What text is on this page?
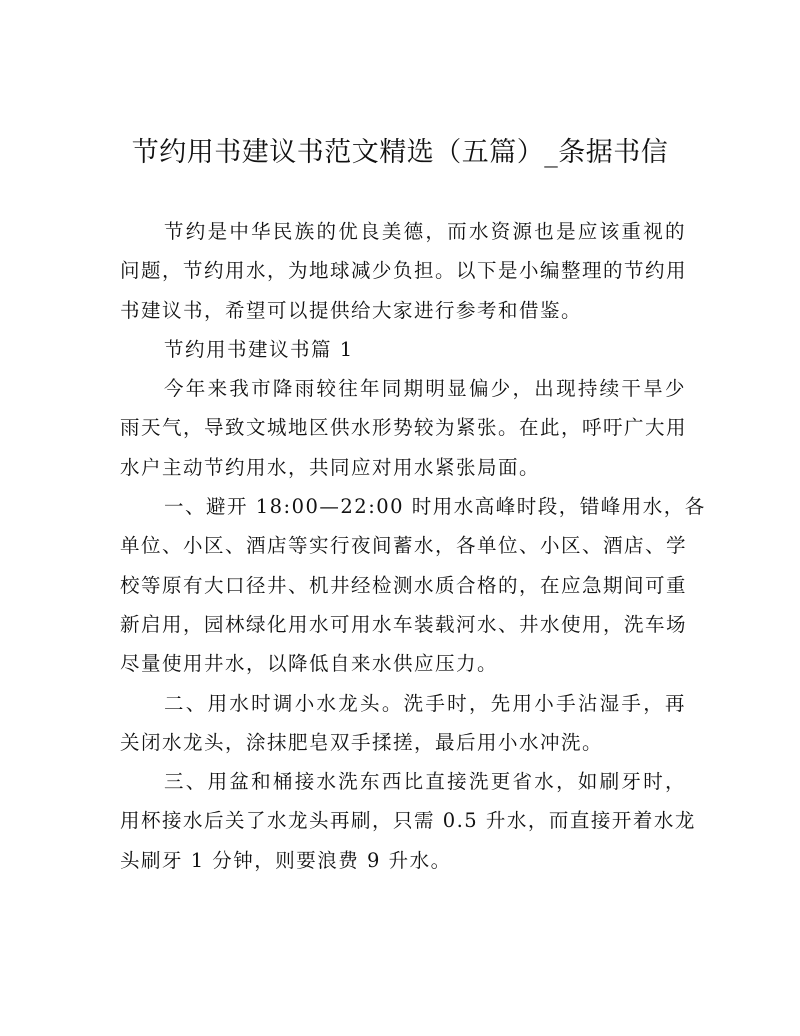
节约用书建议书范文精选（五篇）_条据书信
节约是中华民族的优良美德，而水资源也是应该重视的
问题，节约用水，为地球减少负担。以下是小编整理的节约用
书建议书，希望可以提供给大家进行参考和借鉴。
节约用书建议书篇 1
今年来我市降雨较往年同期明显偏少，出现持续干旱少
雨天气，导致文城地区供水形势较为紧张。在此，呼吁广大用
水户主动节约用水，共同应对用水紧张局面。
一、避开 18:00—22:00 时用水高峰时段，错峰用水，各
单位、小区、酒店等实行夜间蓄水，各单位、小区、酒店、学
校等原有大口径井、机井经检测水质合格的，在应急期间可重
新启用，园林绿化用水可用水车装载河水、井水使用，洗车场
尽量使用井水，以降低自来水供应压力。
二、用水时调小水龙头。洗手时，先用小手沾湿手，再
关闭水龙头，涂抹肥皂双手揉搓，最后用小水冲洗。
三、用盆和桶接水洗东西比直接洗更省水，如刷牙时，
用杯接水后关了水龙头再刷，只需 0.5 升水，而直接开着水龙
头刷牙 1 分钟，则要浪费 9 升水。
